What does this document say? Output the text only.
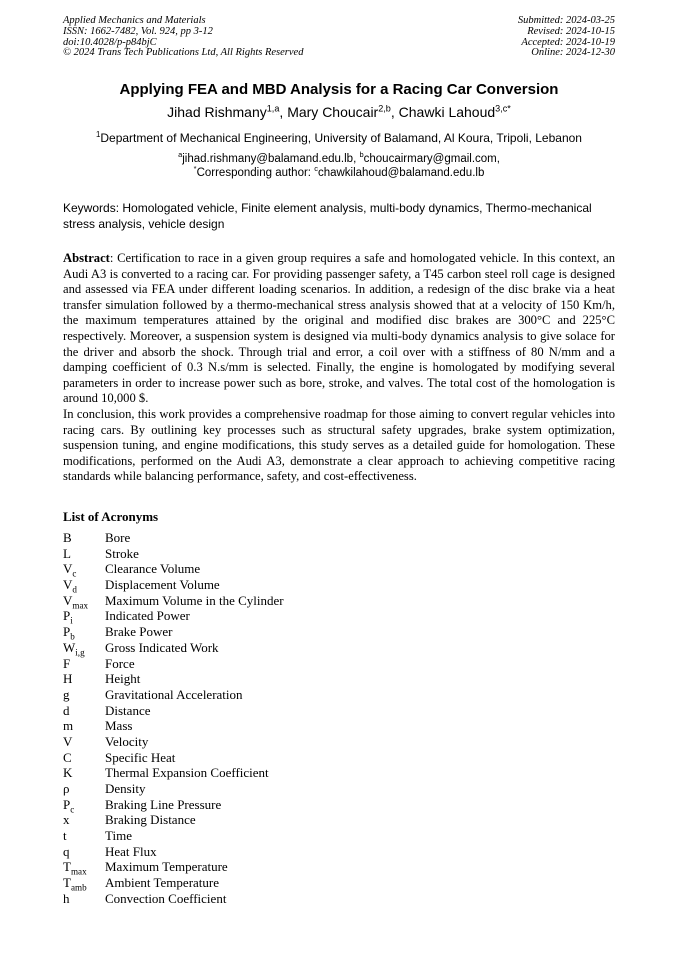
Applied Mechanics and Materials
ISSN: 1662-7482, Vol. 924, pp 3-12
doi:10.4028/p-p84bjC
© 2024 Trans Tech Publications Ltd, All Rights Reserved
Submitted: 2024-03-25
Revised: 2024-10-15
Accepted: 2024-10-19
Online: 2024-12-30
Applying FEA and MBD Analysis for a Racing Car Conversion
Jihad Rishmany$^{1,a}$, Mary Choucair$^{2,b}$, Chawki Lahoud$^{3,c*}$
$^1$Department of Mechanical Engineering, University of Balamand, Al Koura, Tripoli, Lebanon
$^a$jihad.rishmany@balamand.edu.lb, $^b$choucairmary@gmail.com,
*Corresponding author: $^c$chawkilahoud@balamand.edu.lb
Keywords: Homologated vehicle, Finite element analysis, multi-body dynamics, Thermo-mechanical stress analysis, vehicle design

Abstract: Certification to race in a given group requires a safe and homologated vehicle. In this context, an Audi A3 is converted to a racing car. For providing passenger safety, a T45 carbon steel roll cage is designed and assessed via FEA under different loading scenarios. In addition, a redesign of the disc brake via a heat transfer simulation followed by a thermo-mechanical stress analysis showed that at a velocity of 150 Km/h, the maximum temperatures attained by the original and modified disc brakes are 300°C and 225°C respectively. Moreover, a suspension system is designed via multi-body dynamics analysis to give solace for the driver and absorb the shock. Through trial and error, a coil over with a stiffness of 80 N/mm and a damping coefficient of 0.3 N.s/mm is selected. Finally, the engine is homologated by modifying several parameters in order to increase power such as bore, stroke, and valves. The total cost of the homologation is around 10,000 $.

In conclusion, this work provides a comprehensive roadmap for those aiming to convert regular vehicles into racing cars. By outlining key processes such as structural safety upgrades, brake system optimization, suspension tuning, and engine modifications, this study serves as a detailed guide for homologation. These modifications, performed on the Audi A3, demonstrate a clear approach to achieving competitive racing standards while balancing performance, safety, and cost-effectiveness.

List of Acronyms
B	Bore
L	Stroke
$V_c$	Clearance Volume
$V_d$	Displacement Volume
$V_{max}$	Maximum Volume in the Cylinder
$P_i$	Indicated Power
$P_b$	Brake Power
$W_{i,g}$	Gross Indicated Work
F	Force
H	Height
g	Gravitational Acceleration
d	Distance
m	Mass
V	Velocity
C	Specific Heat
K	Thermal Expansion Coefficient
ρ	Density
$P_c$	Braking Line Pressure
x	Braking Distance
t	Time
q	Heat Flux
$T_{max}$	Maximum Temperature
$T_{amb}$	Ambient Temperature
h	Convection Coefficient
